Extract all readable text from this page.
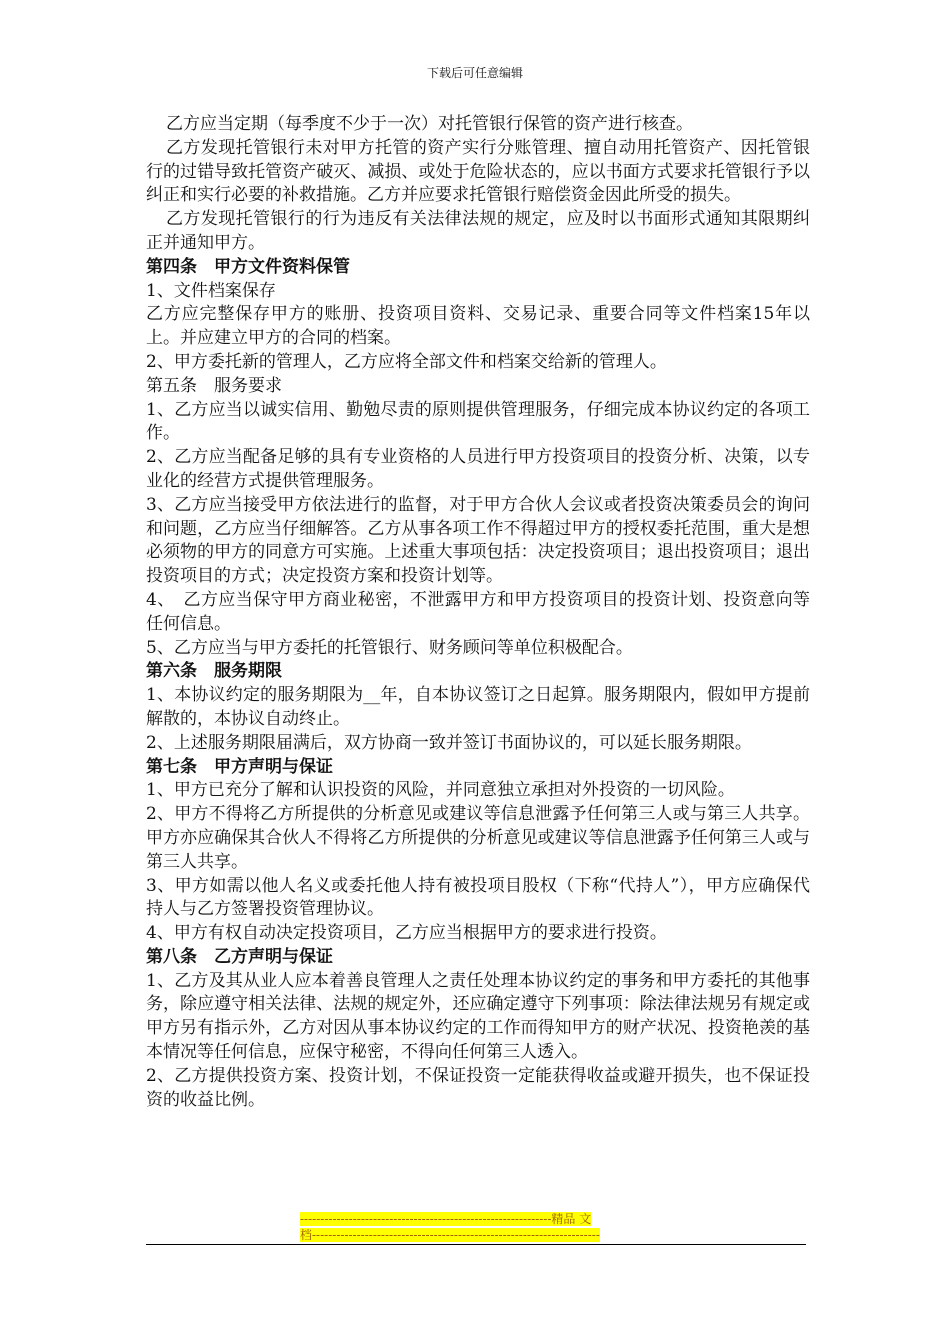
下载后可任意编辑

乙方应当定期（每季度不少于一次）对托管银行保管的资产进行核查。

乙方发现托管银行未对甲方托管的资产实行分账管理、擅自动用托管资产、因托管银行的过错导致托管资产破灭、减损、或处于危险状态的，应以书面方式要求托管银行予以纠正和实行必要的补救措施。乙方并应要求托管银行赔偿资金因此所受的损失。

乙方发现托管银行的行为违反有关法律法规的规定，应及时以书面形式通知其限期纠正并通知甲方。

第四条　甲方文件资料保管

1、文件档案保存

乙方应完整保存甲方的账册、投资项目资料、交易记录、重要合同等文件档案15年以上。并应建立甲方的合同的档案。

2、甲方委托新的管理人，乙方应将全部文件和档案交给新的管理人。

第五条　服务要求

1、乙方应当以诚实信用、勤勉尽责的原则提供管理服务，仔细完成本协议约定的各项工作。

2、乙方应当配备足够的具有专业资格的人员进行甲方投资项目的投资分析、决策，以专业化的经营方式提供管理服务。

3、乙方应当接受甲方依法进行的监督，对于甲方合伙人会议或者投资决策委员会的询问和问题，乙方应当仔细解答。乙方从事各项工作不得超过甲方的授权委托范围，重大是想必须物的甲方的同意方可实施。上述重大事项包括：决定投资项目；退出投资项目；退出投资项目的方式；决定投资方案和投资计划等。

4、　乙方应当保守甲方商业秘密，不泄露甲方和甲方投资项目的投资计划、投资意向等任何信息。

5、乙方应当与甲方委托的托管银行、财务顾问等单位积极配合。

第六条　服务期限

1、本协议约定的服务期限为__年，自本协议签订之日起算。服务期限内，假如甲方提前解散的，本协议自动终止。

2、上述服务期限届满后，双方协商一致并签订书面协议的，可以延长服务期限。

第七条　甲方声明与保证

1、甲方已充分了解和认识投资的风险，并同意独立承担对外投资的一切风险。

2、甲方不得将乙方所提供的分析意见或建议等信息泄露予任何第三人或与第三人共享。甲方亦应确保其合伙人不得将乙方所提供的分析意见或建议等信息泄露予任何第三人或与第三人共享。

3、甲方如需以他人名义或委托他人持有被投项目股权（下称“代持人”），甲方应确保代持人与乙方签署投资管理协议。

4、甲方有权自动决定投资项目，乙方应当根据甲方的要求进行投资。

第八条　乙方声明与保证

1、乙方及其从业人应本着善良管理人之责任处理本协议约定的事务和甲方委托的其他事务，除应遵守相关法律、法规的规定外，还应确定遵守下列事项：除法律法规另有规定或甲方另有指示外，乙方对因从事本协议约定的工作而得知甲方的财产状况、投资艳羡的基本情况等任何信息，应保守秘密，不得向任何第三人透入。

2、乙方提供投资方案、投资计划，不保证投资一定能获得收益或避开损失，也不保证投资的收益比例。

--------------------------------------------------------------精品 文
档-----------------------------------------------------------------------
